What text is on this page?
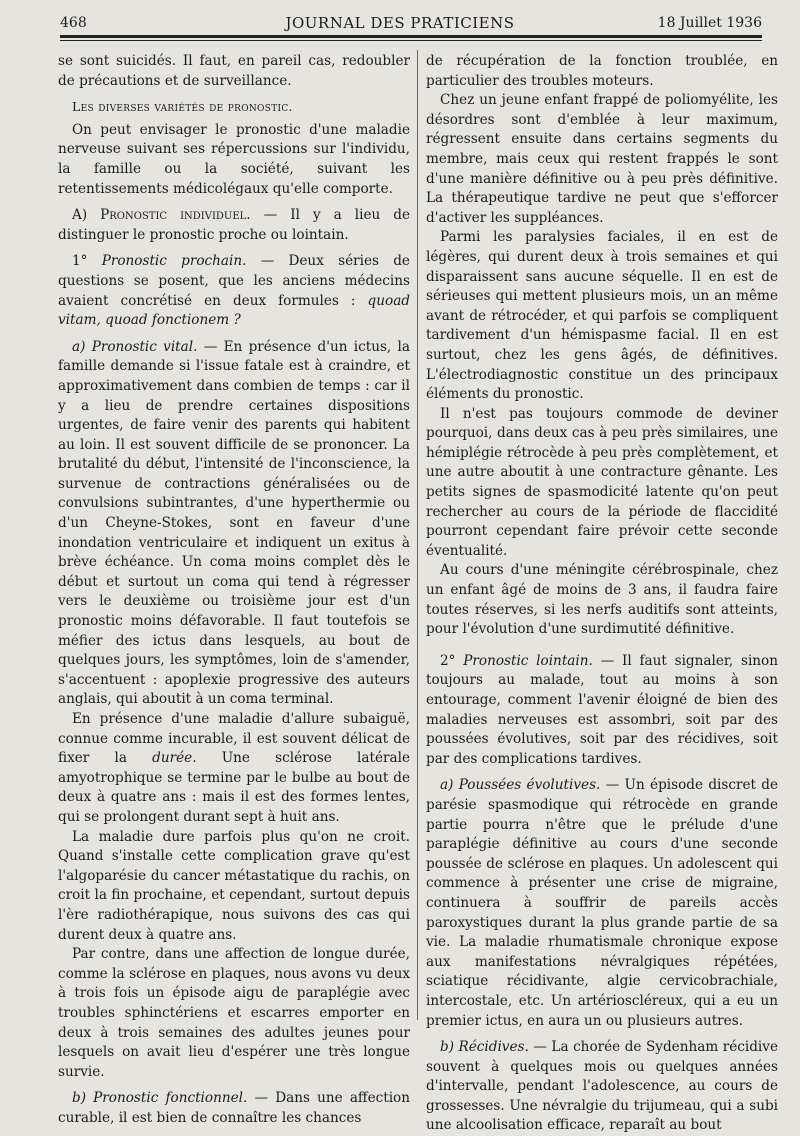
468	JOURNAL DES PRATICIENS	18 Juillet 1936

se sont suicidés. Il faut, en pareil cas, redoubler de précautions et de surveillance.

Les diverses variétés de pronostic.

On peut envisager le pronostic d'une maladie nerveuse suivant ses répercussions sur l'individu, la famille ou la société, suivant les retentissements médicolégaux qu'elle comporte.

A) Pronostic individuel. — Il y a lieu de distinguer le pronostic proche ou lointain.

1° Pronostic prochain. — Deux séries de questions se posent, que les anciens médecins avaient concrétisé en deux formules : quoad vitam, quoad fonctionem ?

a) Pronostic vital. — En présence d'un ictus, la famille demande si l'issue fatale est à craindre, et approximativement dans combien de temps : car il y a lieu de prendre certaines dispositions urgentes, de faire venir des parents qui habitent au loin. Il est souvent difficile de se prononcer. La brutalité du début, l'intensité de l'inconscience, la survenue de contractions généralisées ou de convulsions subintrantes, d'une hyperthermie ou d'un Cheyne-Stokes, sont en faveur d'une inondation ventriculaire et indiquent un exitus à brève échéance. Un coma moins complet dès le début et surtout un coma qui tend à régresser vers le deuxième ou troisième jour est d'un pronostic moins défavorable. Il faut toutefois se méfier des ictus dans lesquels, au bout de quelques jours, les symptômes, loin de s'amender, s'accentuent : apoplexie progressive des auteurs anglais, qui aboutit à un coma terminal.

En présence d'une maladie d'allure subaiguë, connue comme incurable, il est souvent délicat de fixer la durée. Une sclérose latérale amyotrophique se termine par le bulbe au bout de deux à quatre ans : mais il est des formes lentes, qui se prolongent durant sept à huit ans.

La maladie dure parfois plus qu'on ne croit. Quand s'installe cette complication grave qu'est l'algoparésie du cancer métastatique du rachis, on croit la fin prochaine, et cependant, surtout depuis l'ère radiothérapique, nous suivons des cas qui durent deux à quatre ans.

Par contre, dans une affection de longue durée, comme la sclérose en plaques, nous avons vu deux à trois fois un épisode aigu de paraplégie avec troubles sphinctériens et escarres emporter en deux à trois semaines des adultes jeunes pour lesquels on avait lieu d'espérer une très longue survie.

b) Pronostic fonctionnel. — Dans une affection curable, il est bien de connaître les chances

de récupération de la fonction troublée, en particulier des troubles moteurs.

Chez un jeune enfant frappé de poliomyélite, les désordres sont d'emblée à leur maximum, régressent ensuite dans certains segments du membre, mais ceux qui restent frappés le sont d'une manière définitive ou à peu près définitive. La thérapeutique tardive ne peut que s'efforcer d'activer les suppléances.

Parmi les paralysies faciales, il en est de légères, qui durent deux à trois semaines et qui disparaissent sans aucune séquelle. Il en est de sérieuses qui mettent plusieurs mois, un an même avant de rétrocéder, et qui parfois se compliquent tardivement d'un hémispasme facial. Il en est surtout, chez les gens âgés, de définitives. L'électrodiagnostic constitue un des principaux éléments du pronostic.

Il n'est pas toujours commode de deviner pourquoi, dans deux cas à peu près similaires, une hémiplégie rétrocède à peu près complètement, et une autre aboutit à une contracture gênante. Les petits signes de spasmodicité latente qu'on peut rechercher au cours de la période de flaccidité pourront cependant faire prévoir cette seconde éventualité.

Au cours d'une méningite cérébrospinale, chez un enfant âgé de moins de 3 ans, il faudra faire toutes réserves, si les nerfs auditifs sont atteints, pour l'évolution d'une surdimutité définitive.

2° Pronostic lointain. — Il faut signaler, sinon toujours au malade, tout au moins à son entourage, comment l'avenir éloigné de bien des maladies nerveuses est assombri, soit par des poussées évolutives, soit par des récidives, soit par des complications tardives.

a) Poussées évolutives. — Un épisode discret de parésie spasmodique qui rétrocède en grande partie pourra n'être que le prélude d'une paraplégie définitive au cours d'une seconde poussée de sclérose en plaques. Un adolescent qui commence à présenter une crise de migraine, continuera à souffrir de pareils accès paroxystiques durant la plus grande partie de sa vie. La maladie rhumatismale chronique expose aux manifestations névralgiques répétées, sciatique récidivante, algie cervicobrachiale, intercostale, etc. Un artérioscléreux, qui a eu un premier ictus, en aura un ou plusieurs autres.

b) Récidives. — La chorée de Sydenham récidive souvent à quelques mois ou quelques années d'intervalle, pendant l'adolescence, au cours de grossesses. Une névralgie du trijumeau, qui a subi une alcoolisation efficace, reparaît au bout
